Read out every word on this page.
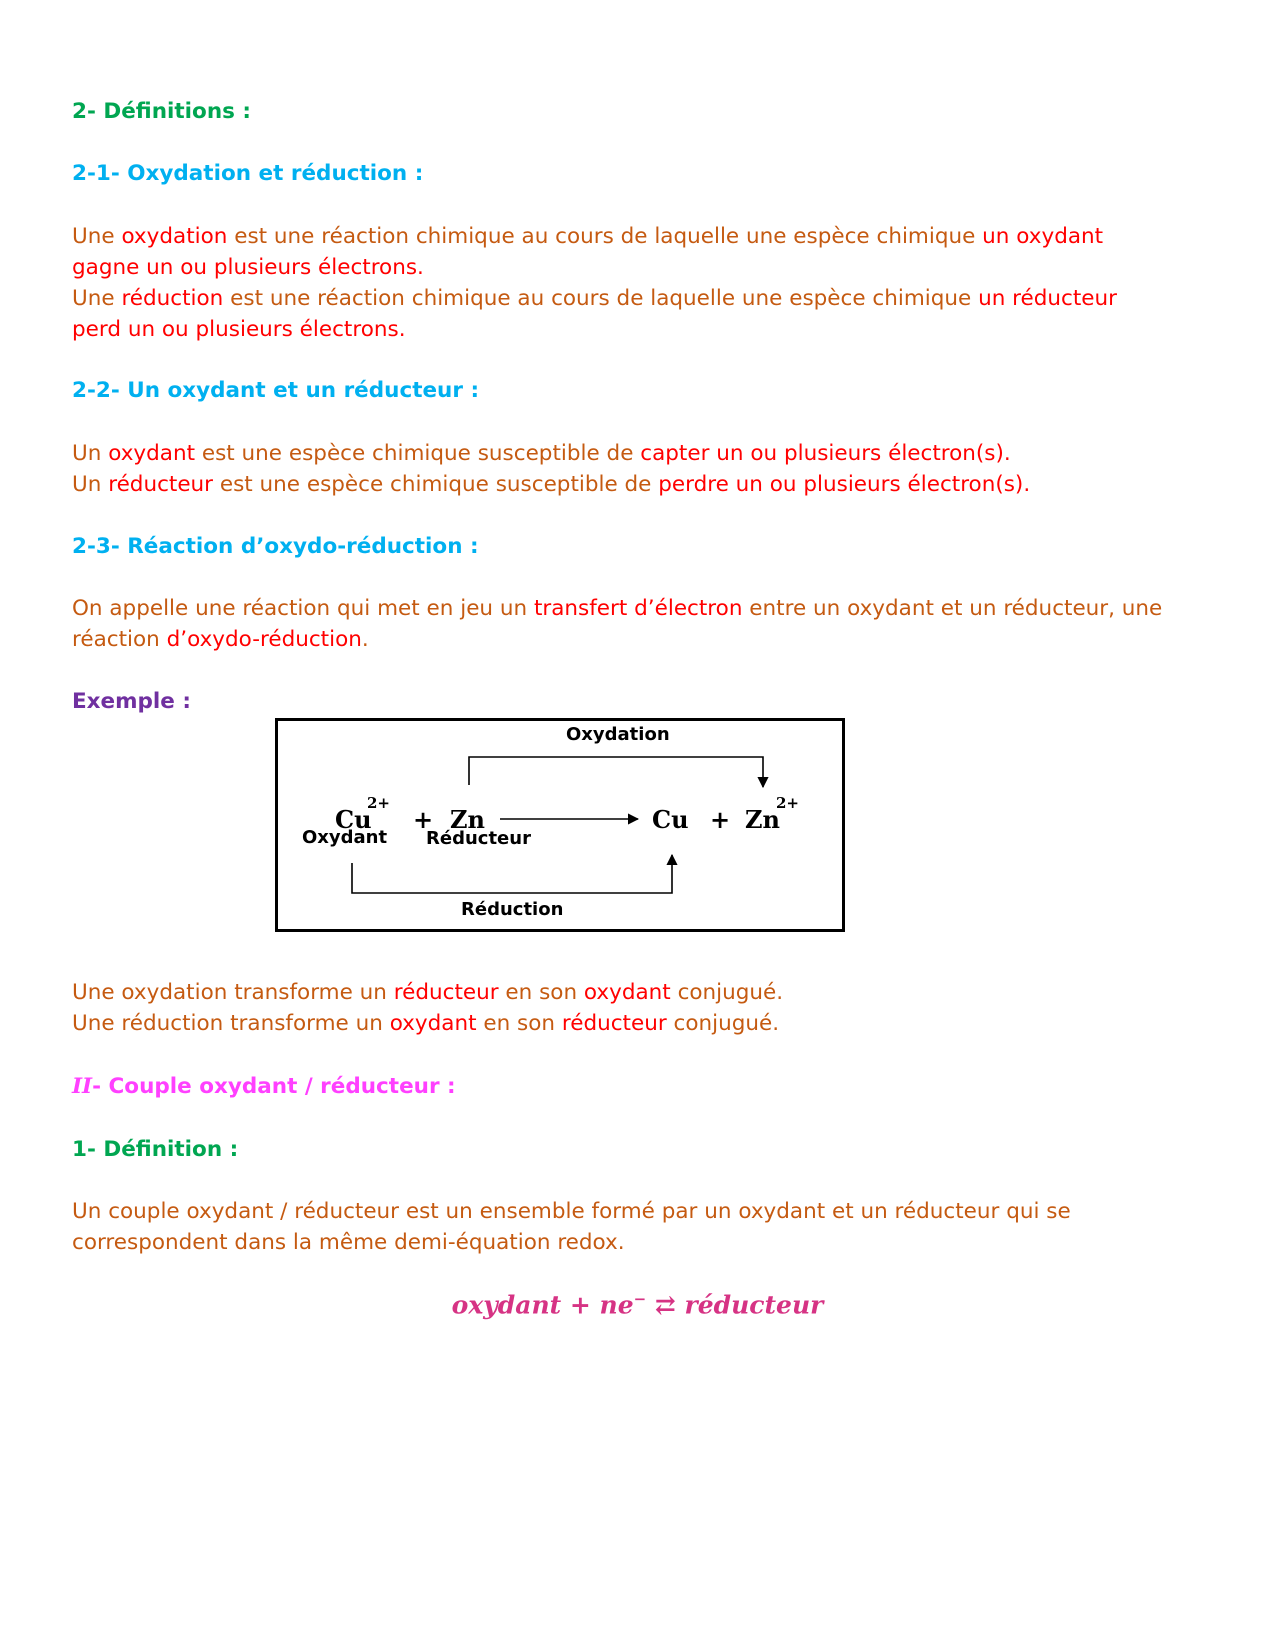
2- Définitions :

2-1- Oxydation et réduction :

Une oxydation est une réaction chimique au cours de laquelle une espèce chimique un oxydant

gagne un ou plusieurs électrons.

Une réduction est une réaction chimique au cours de laquelle une espèce chimique un réducteur

perd un ou plusieurs électrons.

2-2- Un oxydant et un réducteur :

Un oxydant est une espèce chimique susceptible de capter un ou plusieurs électron(s).

Un réducteur est une espèce chimique susceptible de perdre un ou plusieurs électron(s).

2-3- Réaction d’oxydo-réduction :

On appelle une réaction qui met en jeu un transfert d’électron entre un oxydant et un réducteur, une

réaction d’oxydo-réduction.

Exemple :

Oxydation
Réduction
Cu
2+
+ Zn	Cu + Zn
2+
Oxydant Réducteur

Une oxydation transforme un réducteur en son oxydant conjugué.

Une réduction transforme un oxydant en son réducteur conjugué.

II- Couple oxydant / réducteur :

1- Définition :

Un couple oxydant / réducteur est un ensemble formé par un oxydant et un réducteur qui se

correspondent dans la même demi-équation redox.

oxydant + ne− ⇄ réducteur
